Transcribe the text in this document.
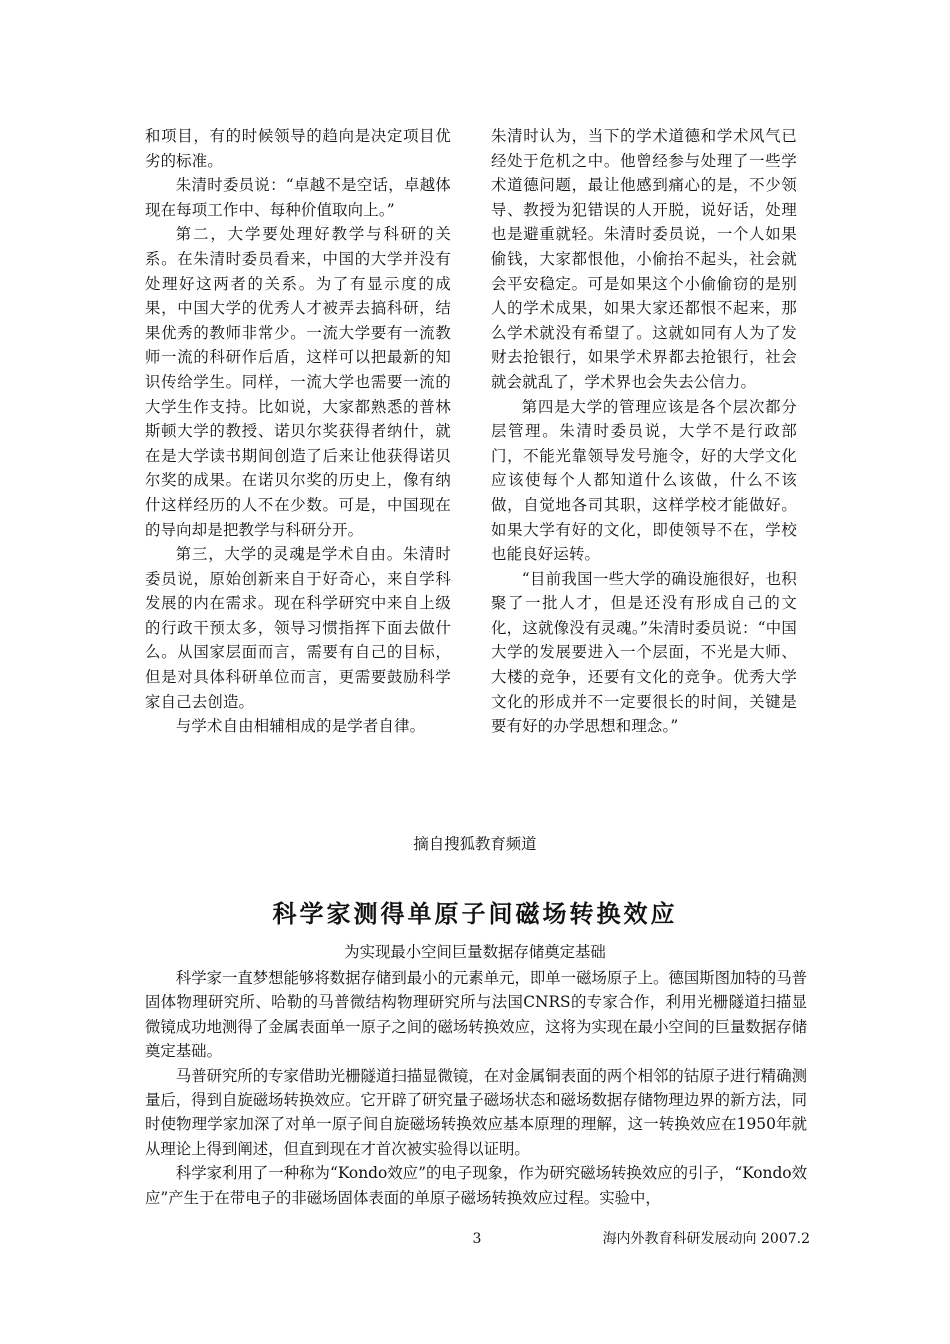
和项目，有的时候领导的趋向是决定项目优劣的标准。

朱清时委员说：“卓越不是空话，卓越体现在每项工作中、每种价值取向上。”

第二，大学要处理好教学与科研的关系。在朱清时委员看来，中国的大学并没有处理好这两者的关系。为了有显示度的成果，中国大学的优秀人才被弄去搞科研，结果优秀的教师非常少。一流大学要有一流教师一流的科研作后盾，这样可以把最新的知识传给学生。同样，一流大学也需要一流的大学生作支持。比如说，大家都熟悉的普林斯顿大学的教授、诺贝尔奖获得者纳什，就在是大学读书期间创造了后来让他获得诺贝尔奖的成果。在诺贝尔奖的历史上，像有纳什这样经历的人不在少数。可是，中国现在的导向却是把教学与科研分开。

第三，大学的灵魂是学术自由。朱清时委员说，原始创新来自于好奇心，来自学科发展的内在需求。现在科学研究中来自上级的行政干预太多，领导习惯指挥下面去做什么。从国家层面而言，需要有自己的目标，但是对具体科研单位而言，更需要鼓励科学家自己去创造。

与学术自由相辅相成的是学者自律。

朱清时认为，当下的学术道德和学术风气已经处于危机之中。他曾经参与处理了一些学术道德问题，最让他感到痛心的是，不少领导、教授为犯错误的人开脱，说好话，处理也是避重就轻。朱清时委员说，一个人如果偷钱，大家都恨他，小偷抬不起头，社会就会平安稳定。可是如果这个小偷偷窃的是别人的学术成果，如果大家还都恨不起来，那么学术就没有希望了。这就如同有人为了发财去抢银行，如果学术界都去抢银行，社会就会就乱了，学术界也会失去公信力。

第四是大学的管理应该是各个层次都分层管理。朱清时委员说，大学不是行政部门，不能光靠领导发号施令，好的大学文化应该使每个人都知道什么该做，什么不该做，自觉地各司其职，这样学校才能做好。如果大学有好的文化，即使领导不在，学校也能良好运转。

“目前我国一些大学的确设施很好，也积聚了一批人才，但是还没有形成自己的文化，这就像没有灵魂。”朱清时委员说：“中国大学的发展要进入一个层面，不光是大师、大楼的竞争，还要有文化的竞争。优秀大学文化的形成并不一定要很长的时间，关键是要有好的办学思想和理念。”

摘自搜狐教育频道
科学家测得单原子间磁场转换效应
为实现最小空间巨量数据存储奠定基础

科学家一直梦想能够将数据存储到最小的元素单元，即单一磁场原子上。德国斯图加特的马普固体物理研究所、哈勒的马普微结构物理研究所与法国CNRS的专家合作，利用光栅隧道扫描显微镜成功地测得了金属表面单一原子之间的磁场转换效应，这将为实现在最小空间的巨量数据存储奠定基础。

马普研究所的专家借助光栅隧道扫描显微镜，在对金属铜表面的两个相邻的钴原子进行精确测量后，得到自旋磁场转换效应。它开辟了研究量子磁场状态和磁场数据存储物理边界的新方法，同时使物理学家加深了对单一原子间自旋磁场转换效应基本原理的理解，这一转换效应在1950年就从理论上得到阐述，但直到现在才首次被实验得以证明。

科学家利用了一种称为“Kondo效应”的电子现象，作为研究磁场转换效应的引子，“Kondo效应”产生于在带电子的非磁场固体表面的单原子磁场转换效应过程。实验中，

3	海内外教育科研发展动向 2007.2
